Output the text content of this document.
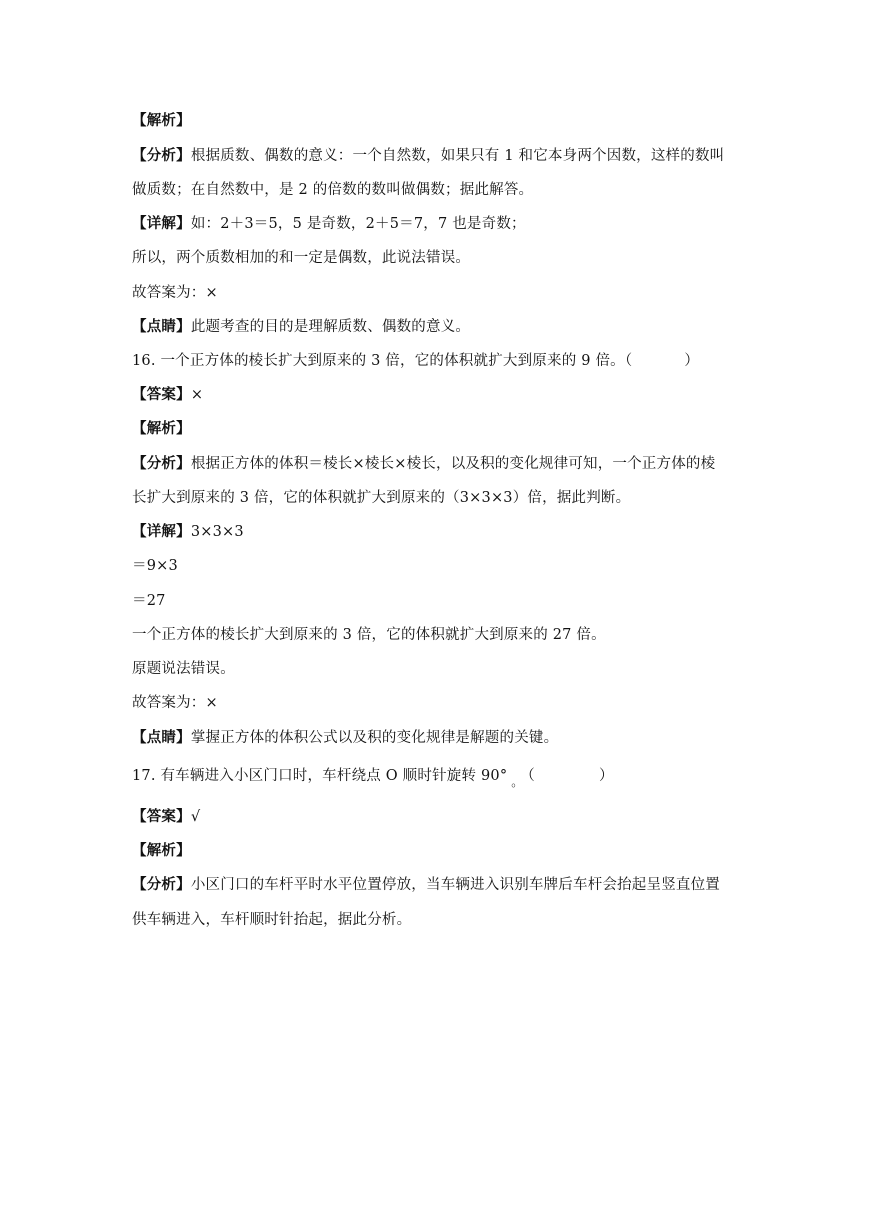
【解析】
【分析】根据质数、偶数的意义：一个自然数，如果只有 1 和它本身两个因数，这样的数叫
做质数；在自然数中，是 2 的倍数的数叫做偶数；据此解答。
【详解】如：2＋3＝5，5 是奇数，2＋5＝7，7 也是奇数；
所以，两个质数相加的和一定是偶数，此说法错误。
故答案为：×
【点睛】此题考查的目的是理解质数、偶数的意义。
16. 一个正方体的棱长扩大到原来的 3 倍，它的体积就扩大到原来的 9 倍。（	）
【答案】×
【解析】
【分析】根据正方体的体积＝棱长×棱长×棱长，以及积的变化规律可知，一个正方体的棱
长扩大到原来的 3 倍，它的体积就扩大到原来的（3×3×3）倍，据此判断。
【详解】3×3×3
＝9×3
＝27
一个正方体的棱长扩大到原来的 3 倍，它的体积就扩大到原来的 27 倍。
原题说法错误。
故答案为：×
【点睛】掌握正方体的体积公式以及积的变化规律是解题的关键。
17. 有车辆进入小区门口时，车杆绕点 O 顺时针旋转 90° $_。$ （	）
【答案】√
【解析】
【分析】小区门口的车杆平时水平位置停放，当车辆进入识别车牌后车杆会抬起呈竖直位置
供车辆进入，车杆顺时针抬起，据此分析。
